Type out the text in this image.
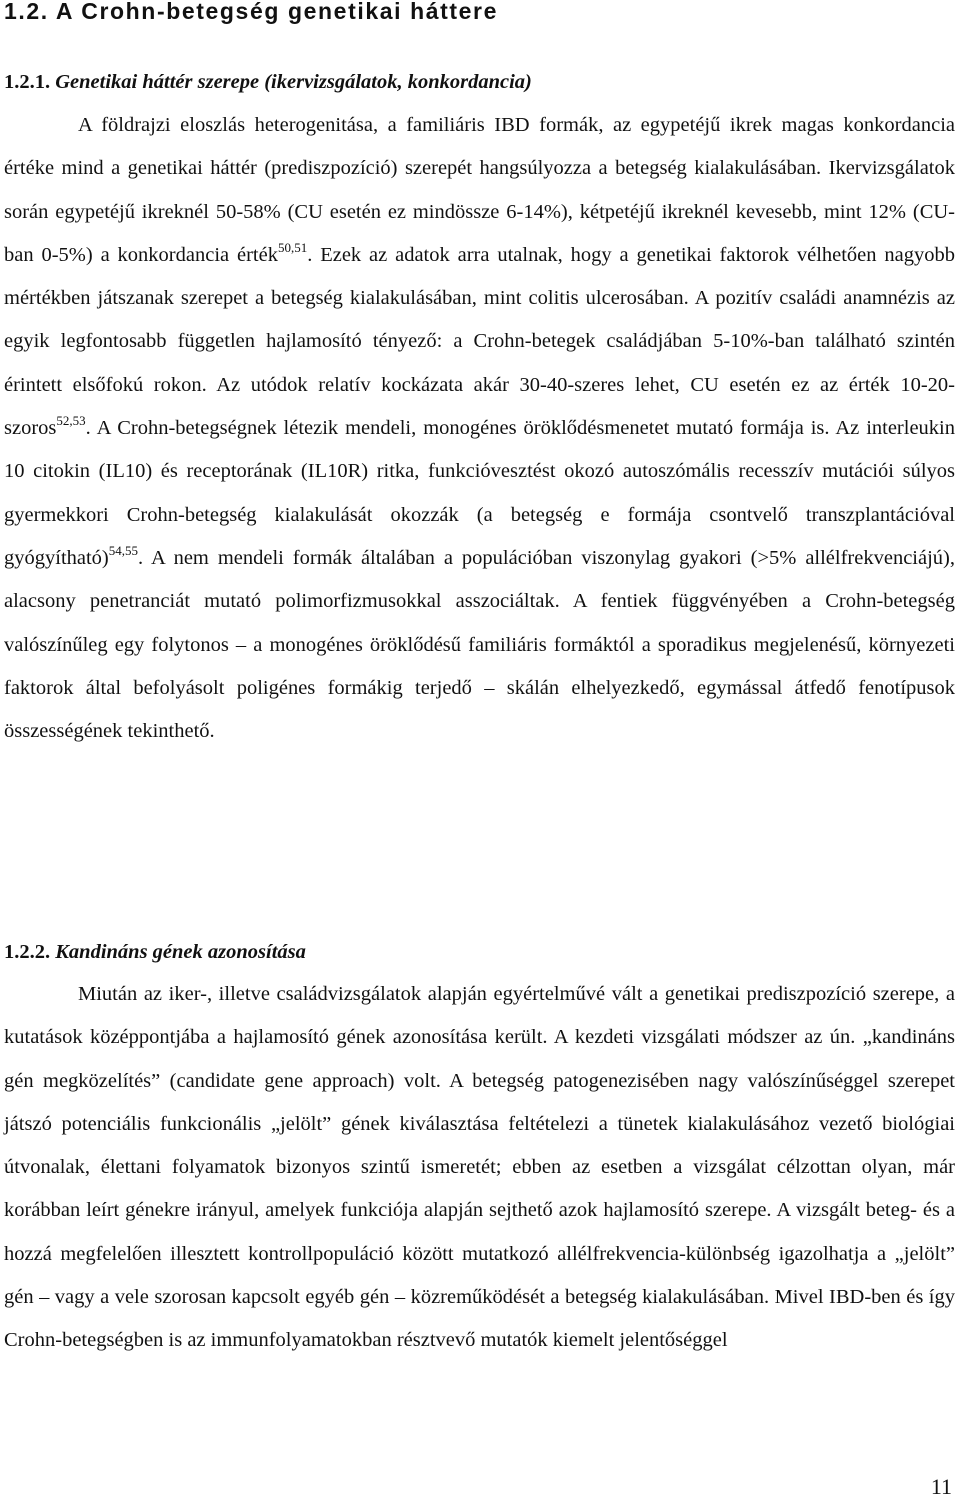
1.2. A Crohn-betegség genetikai háttere
1.2.1. Genetikai háttér szerepe (ikervizsgálatok, konkordancia)

A földrajzi eloszlás heterogenitása, a familiáris IBD formák, az egypetéjű ikrek magas konkordancia értéke mind a genetikai háttér (prediszpozíció) szerepét hangsúlyozza a betegség kialakulásában. Ikervizsgálatok során egypetéjű ikreknél 50-58% (CU esetén ez mindössze 6-14%), kétpetéjű ikreknél kevesebb, mint 12% (CU-ban 0-5%) a konkordancia érték$^{50,51}$. Ezek az adatok arra utalnak, hogy a genetikai faktorok vélhetően nagyobb mértékben játszanak szerepet a betegség kialakulásában, mint colitis ulcerosában. A pozitív családi anamnézis az egyik legfontosabb független hajlamosító tényező: a Crohn-betegek családjában 5-10%-ban található szintén érintett elsőfokú rokon. Az utódok relatív kockázata akár 30-40-szeres lehet, CU esetén ez az érték 10-20-szoros$^{52,53}$. A Crohn-betegségnek létezik mendeli, monogénes öröklődésmenetet mutató formája is. Az interleukin 10 citokin (IL10) és receptorának (IL10R) ritka, funkcióvesztést okozó autoszómális recesszív mutációi súlyos gyermekkori Crohn-betegség kialakulását okozzák (a betegség e formája csontvelő transzplantációval gyógyítható)$^{54,55}$. A nem mendeli formák általában a populációban viszonylag gyakori (>5% allélfrekvenciájú), alacsony penetranciát mutató polimorfizmusokkal asszociáltak. A fentiek függvényében a Crohn-betegség valószínűleg egy folytonos – a monogénes öröklődésű familiáris formáktól a sporadikus megjelenésű, környezeti faktorok által befolyásolt poligénes formákig terjedő – skálán elhelyezkedő, egymással átfedő fenotípusok összességének tekinthető.

1.2.2. Kandináns gének azonosítása

Miután az iker-, illetve családvizsgálatok alapján egyértelművé vált a genetikai prediszpozíció szerepe, a kutatások középpontjába a hajlamosító gének azonosítása került. A kezdeti vizsgálati módszer az ún. „kandináns gén megközelítés” (candidate gene approach) volt. A betegség patogenezisében nagy valószínűséggel szerepet játszó potenciális funkcionális „jelölt” gének kiválasztása feltételezi a tünetek kialakulásához vezető biológiai útvonalak, élettani folyamatok bizonyos szintű ismeretét; ebben az esetben a vizsgálat célzottan olyan, már korábban leírt génekre irányul, amelyek funkciója alapján sejthető azok hajlamosító szerepe. A vizsgált beteg- és a hozzá megfelelően illesztett kontrollpopuláció között mutatkozó allélfrekvencia-különbség igazolhatja a „jelölt” gén – vagy a vele szorosan kapcsolt egyéb gén – közreműködését a betegség kialakulásában. Mivel IBD-ben és így Crohn-betegségben is az immunfolyamatokban résztvevő mutatók kiemelt jelentőséggel

11
